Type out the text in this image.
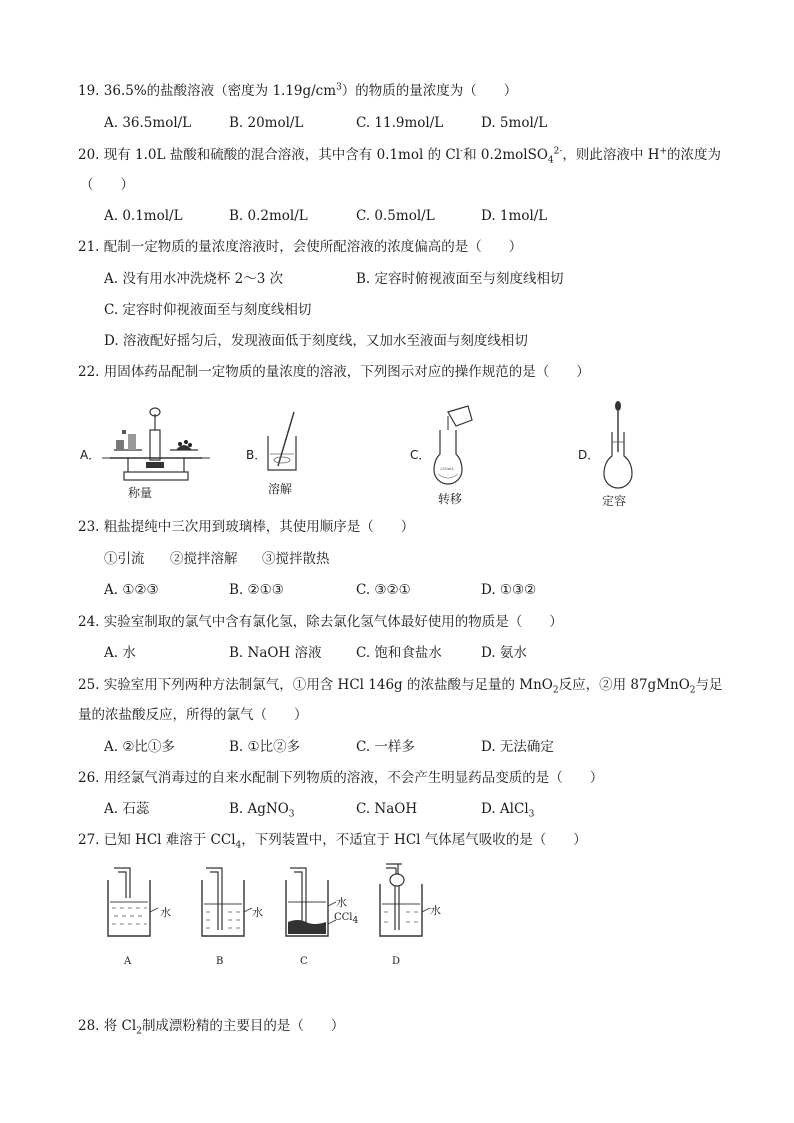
19. 36.5%的盐酸溶液（密度为 $1.19g/cm^3$）的物质的量浓度为（　　）
A. 36.5mol/L	B. 20mol/L	C. 11.9mol/L	D. 5mol/L
20. 现有 1.0L 盐酸和硫酸的混合溶液，其中含有 0.1mol 的 Cl-和 0.2molSO$_4^{2-}$，则此溶液中 H+的浓度为
（　　）
A. 0.1mol/L	B. 0.2mol/L	C. 0.5mol/L	D. 1mol/L
21. 配制一定物质的量浓度溶液时，会使所配溶液的浓度偏高的是（　　）
A. 没有用水冲洗烧杯 2～3 次	B. 定容时俯视液面至与刻度线相切
C. 定容时仰视液面至与刻度线相切
D. 溶液配好摇匀后，发现液面低于刻度线，又加水至液面与刻度线相切
22. 用固体药品配制一定物质的量浓度的溶液，下列图示对应的操作规范的是（　　）
A．
称量
B．
溶解
C．
250mL
转移
D．
定容
23. 粗盐提纯中三次用到玻璃棒，其使用顺序是（　　）
①引流 ②搅拌溶解 ③搅拌散热
A. ①②③	B. ②①③	C. ③②①	D. ①③②
24. 实验室制取的氯气中含有氯化氢，除去氯化氢气体最好使用的物质是（　　）
A. 水	B. NaOH 溶液	C. 饱和食盐水	D. 氨水
25. 实验室用下列两种方法制氯气，①用含 HCl 146g 的浓盐酸与足量的 MnO$_2$反应，②用 87gMnO$_2$与足
量的浓盐酸反应，所得的氯气（　　）
A. ②比①多	B. ①比②多	C. 一样多	D. 无法确定
26. 用经氯气消毒过的自来水配制下列物质的溶液，不会产生明显药品变质的是（　　）
A. 石蕊	B. AgNO$_3$	C. NaOH	D. AlCl$_3$
27. 已知 HCl 难溶于 CCl$_4$，下列装置中，不适宜于 HCl 气体尾气吸收的是（　　）
水
A
水
B
水
CCl$_4$
C
水
D
28. 将 $Cl_2$制成漂粉精的主要目的是（　　）
